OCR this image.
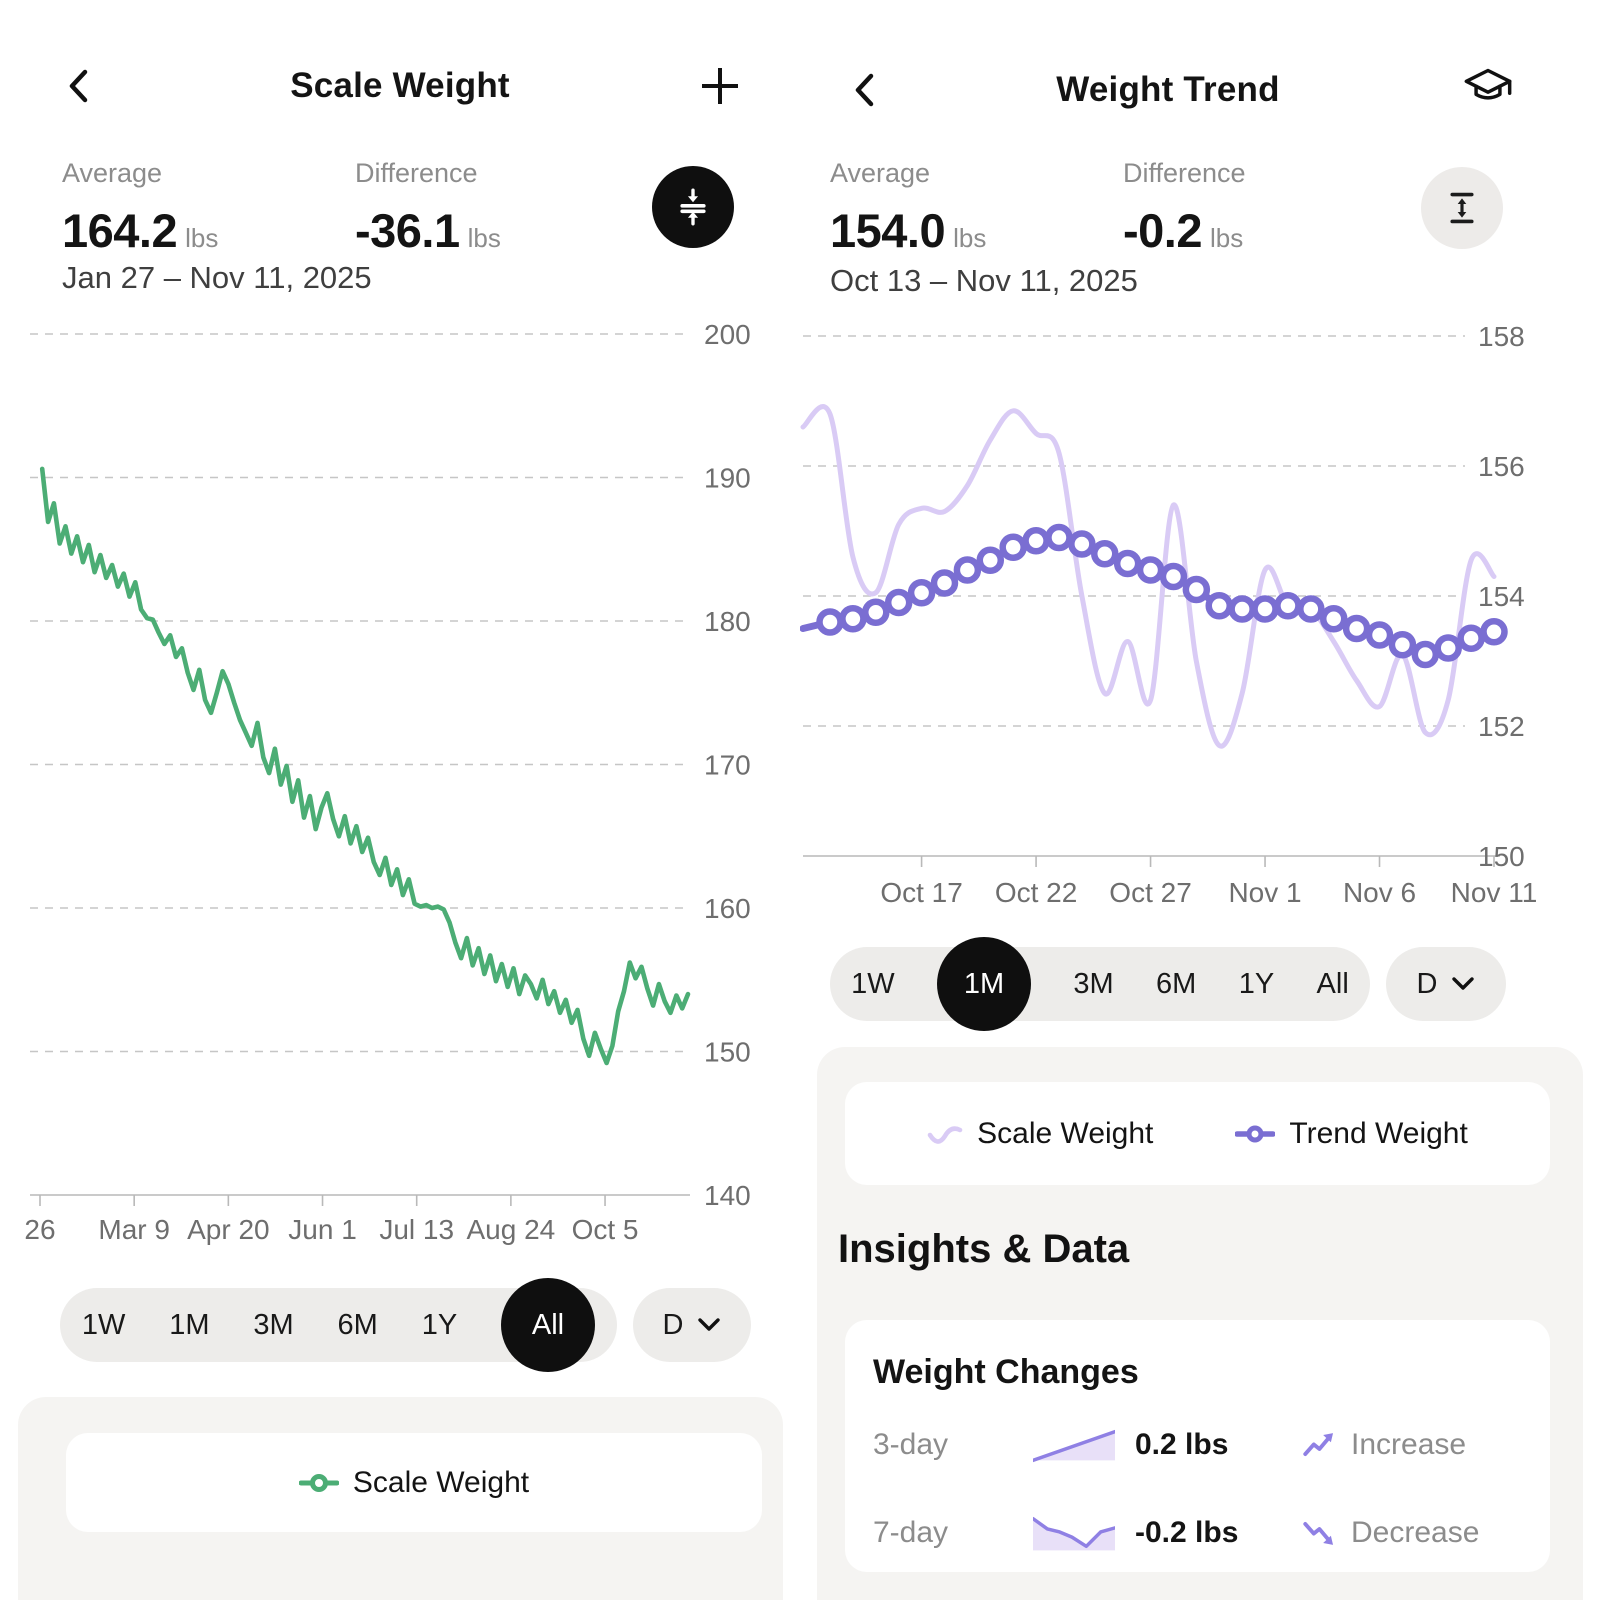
Scale Weight
Average
164.2 lbs
Difference
-36.1 lbs
Jan 27 – Nov 11, 2025
200
190
180
170
160
150
140
26 Mar 9 Apr 20 Jun 1 Jul 13 Aug 24 Oct 5
1W 1M 3M 6M 1Y	All	D
Scale Weight
Weight Trend
Average
154.0 lbs
Difference
-0.2 lbs
Oct 13 – Nov 11, 2025
158
156
154
152
150
Oct 17 Oct 22 Oct 27 Nov 1 Nov 6 Nov 11
1W	1M	3M 6M 1Y All D
Scale Weight	Trend Weight
Insights & Data
Weight Changes
3-day	0.2 lbs	Increase
7-day	-0.2 lbs	Decrease
